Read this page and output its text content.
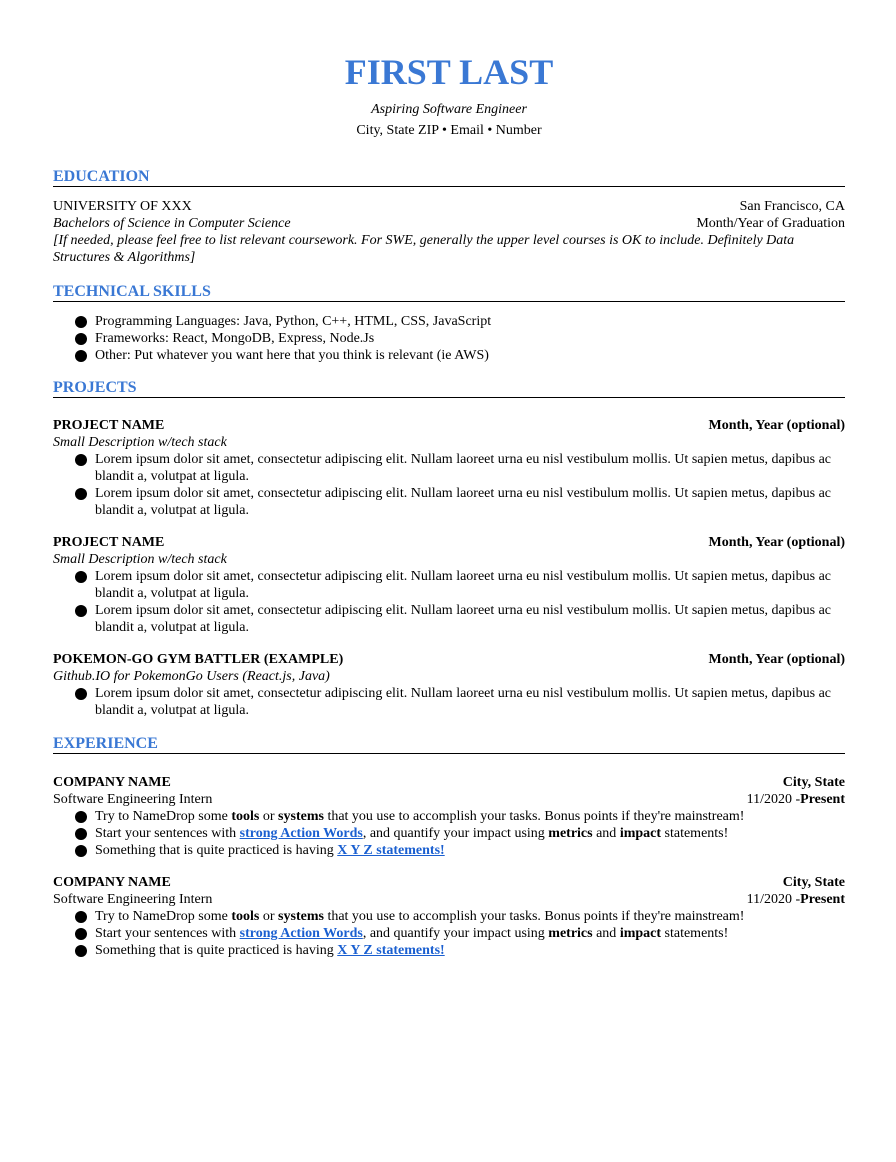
FIRST LAST
Aspiring Software Engineer
City, State ZIP • Email • Number
EDUCATION
UNIVERSITY OF XXX	San Francisco, CA
Bachelors of Science in Computer Science	Month/Year of Graduation
[If needed, please feel free to list relevant coursework. For SWE, generally the upper level courses is OK to include. Definitely Data Structures & Algorithms]
TECHNICAL SKILLS
Programming Languages: Java, Python, C++, HTML, CSS, JavaScript
Frameworks: React, MongoDB, Express, Node.Js
Other: Put whatever you want here that you think is relevant (ie AWS)
PROJECTS
PROJECT NAME	Month, Year (optional)
Small Description w/tech stack
Lorem ipsum dolor sit amet, consectetur adipiscing elit. Nullam laoreet urna eu nisl vestibulum mollis. Ut sapien metus, dapibus ac blandit a, volutpat at ligula.
Lorem ipsum dolor sit amet, consectetur adipiscing elit. Nullam laoreet urna eu nisl vestibulum mollis. Ut sapien metus, dapibus ac blandit a, volutpat at ligula.
PROJECT NAME	Month, Year (optional)
Small Description w/tech stack
Lorem ipsum dolor sit amet, consectetur adipiscing elit. Nullam laoreet urna eu nisl vestibulum mollis. Ut sapien metus, dapibus ac blandit a, volutpat at ligula.
Lorem ipsum dolor sit amet, consectetur adipiscing elit. Nullam laoreet urna eu nisl vestibulum mollis. Ut sapien metus, dapibus ac blandit a, volutpat at ligula.
POKEMON-GO GYM BATTLER (EXAMPLE)	Month, Year (optional)
Github.IO for PokemonGo Users (React.js, Java)
Lorem ipsum dolor sit amet, consectetur adipiscing elit. Nullam laoreet urna eu nisl vestibulum mollis. Ut sapien metus, dapibus ac blandit a, volutpat at ligula.
EXPERIENCE
COMPANY NAME	City, State
Software Engineering Intern	11/2020 -Present
Try to NameDrop some tools or systems that you use to accomplish your tasks. Bonus points if they're mainstream!
Start your sentences with strong Action Words, and quantify your impact using metrics and impact statements!
Something that is quite practiced is having X Y Z statements!
COMPANY NAME	City, State
Software Engineering Intern	11/2020 -Present
Try to NameDrop some tools or systems that you use to accomplish your tasks. Bonus points if they're mainstream!
Start your sentences with strong Action Words, and quantify your impact using metrics and impact statements!
Something that is quite practiced is having X Y Z statements!
